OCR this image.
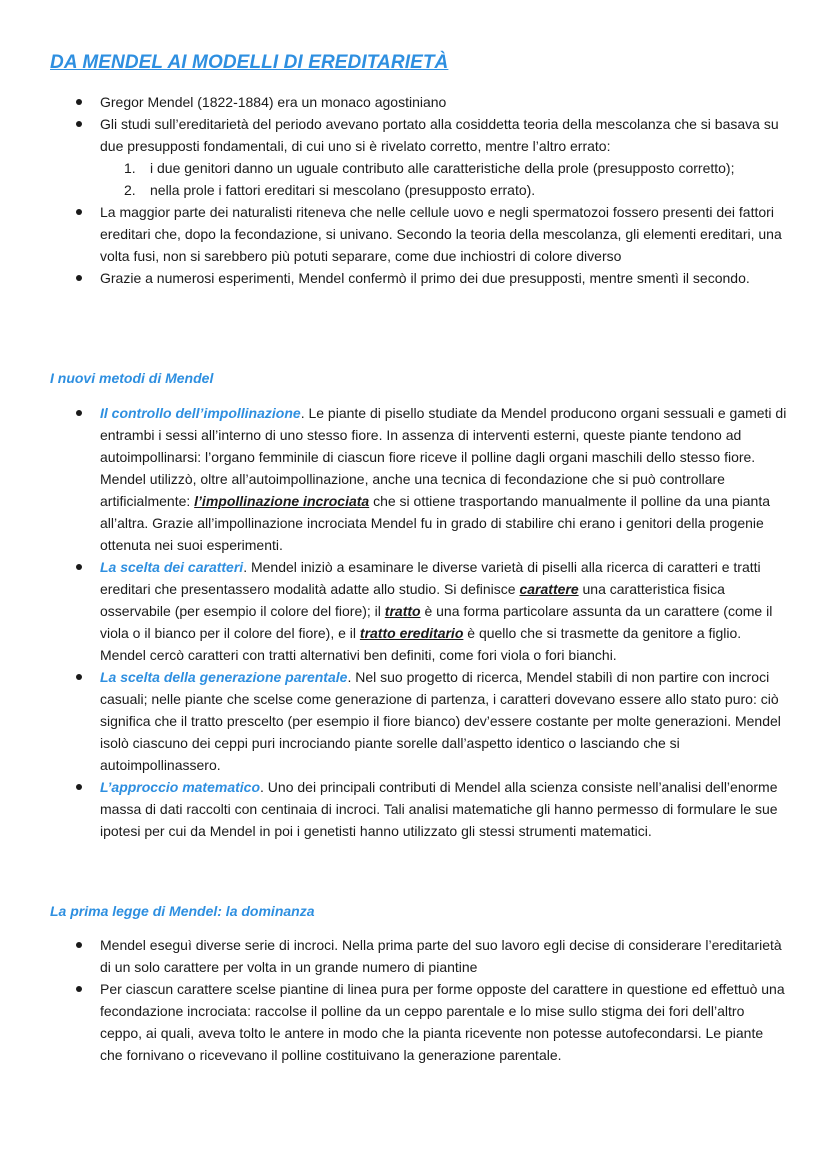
DA MENDEL AI MODELLI DI EREDITARIETÀ
Gregor Mendel (1822-1884) era un monaco agostiniano
Gli studi sull’ereditarietà del periodo avevano portato alla cosiddetta teoria della mescolanza che si basava su due presupposti fondamentali, di cui uno si è rivelato corretto, mentre l’altro errato:
1. i due genitori danno un uguale contributo alle caratteristiche della prole (presupposto corretto);
2. nella prole i fattori ereditari si mescolano (presupposto errato).
La maggior parte dei naturalisti riteneva che nelle cellule uovo e negli spermatozoi fossero presenti dei fattori ereditari che, dopo la fecondazione, si univano. Secondo la teoria della mescolanza, gli elementi ereditari, una volta fusi, non si sarebbero più potuti separare, come due inchiostri di colore diverso
Grazie a numerosi esperimenti, Mendel confermò il primo dei due presupposti, mentre smentì il secondo.
I nuovi metodi di Mendel
Il controllo dell’impollinazione. Le piante di pisello studiate da Mendel producono organi sessuali e gameti di entrambi i sessi all’interno di uno stesso fiore. In assenza di interventi esterni, queste piante tendono ad autoimpollinarsi: l’organo femminile di ciascun fiore riceve il polline dagli organi maschili dello stesso fiore. Mendel utilizzò, oltre all’autoimpollinazione, anche una tecnica di fecondazione che si può controllare artificialmente: l’impollinazione incrociata che si ottiene trasportando manualmente il polline da una pianta all’altra. Grazie all’impollinazione incrociata Mendel fu in grado di stabilire chi erano i genitori della progenie ottenuta nei suoi esperimenti.
La scelta dei caratteri. Mendel iniziò a esaminare le diverse varietà di piselli alla ricerca di caratteri e tratti ereditari che presentassero modalità adatte allo studio. Si definisce carattere una caratteristica fisica osservabile (per esempio il colore del fiore); il tratto è una forma particolare assunta da un carattere (come il viola o il bianco per il colore del fiore), e il tratto ereditario è quello che si trasmette da genitore a figlio. Mendel cercò caratteri con tratti alternativi ben definiti, come fori viola o fori bianchi.
La scelta della generazione parentale. Nel suo progetto di ricerca, Mendel stabilì di non partire con incroci casuali; nelle piante che scelse come generazione di partenza, i caratteri dovevano essere allo stato puro: ciò significa che il tratto prescelto (per esempio il fiore bianco) dev’essere costante per molte generazioni. Mendel isolò ciascuno dei ceppi puri incrociando piante sorelle dall’aspetto identico o lasciando che si autoimpollinassero.
L’approccio matematico. Uno dei principali contributi di Mendel alla scienza consiste nell’analisi dell’enorme massa di dati raccolti con centinaia di incroci. Tali analisi matematiche gli hanno permesso di formulare le sue ipotesi per cui da Mendel in poi i genetisti hanno utilizzato gli stessi strumenti matematici.
La prima legge di Mendel: la dominanza
Mendel eseguì diverse serie di incroci. Nella prima parte del suo lavoro egli decise di considerare l’ereditarietà di un solo carattere per volta in un grande numero di piantine
Per ciascun carattere scelse piantine di linea pura per forme opposte del carattere in questione ed effettuò una fecondazione incrociata: raccolse il polline da un ceppo parentale e lo mise sullo stigma dei fori dell’altro ceppo, ai quali, aveva tolto le antere in modo che la pianta ricevente non potesse autofecondarsi. Le piante che fornivano o ricevevano il polline costituivano la generazione parentale.
